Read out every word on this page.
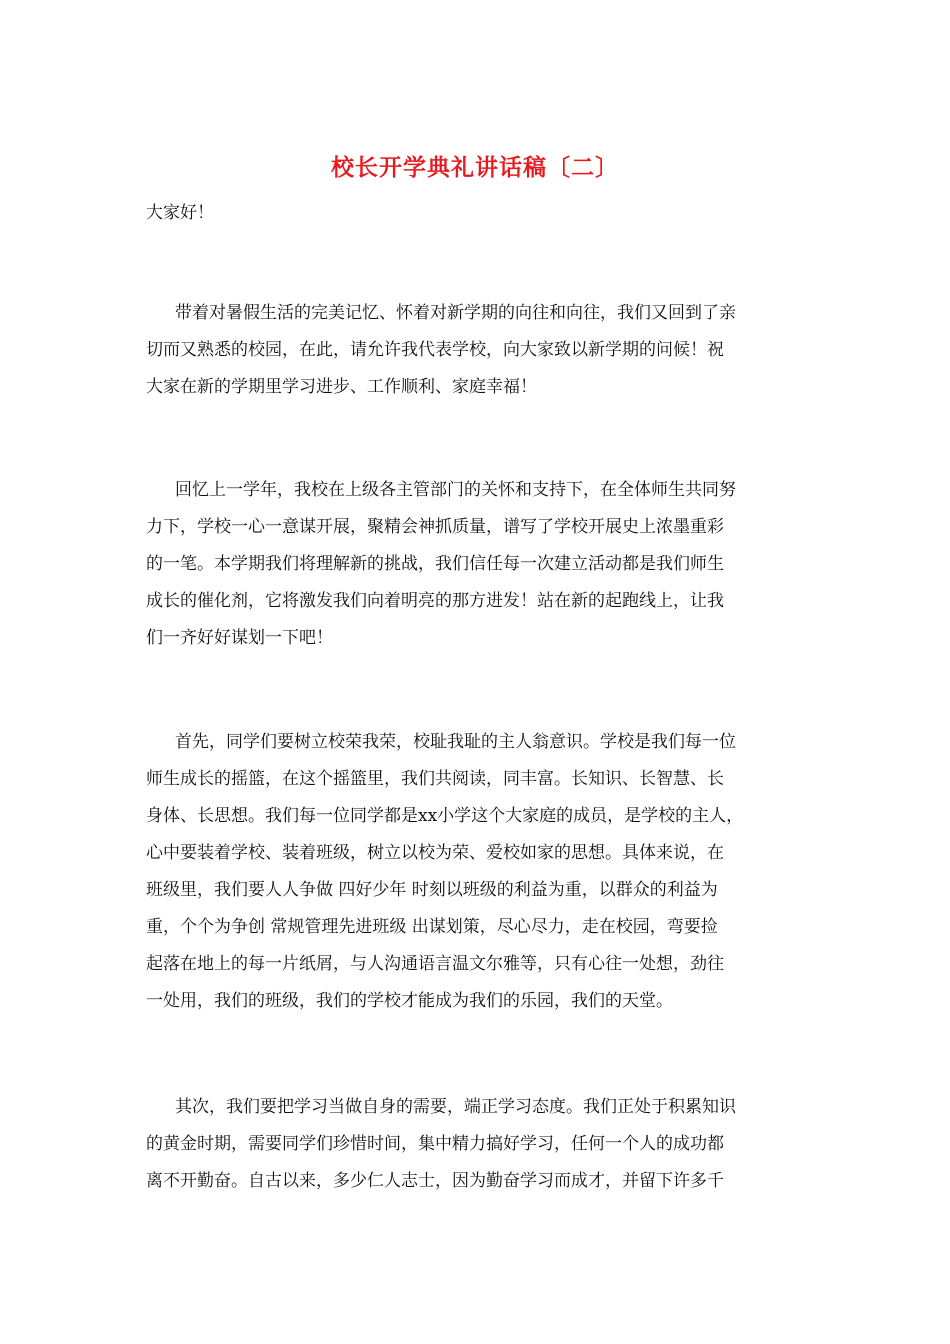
校长开学典礼讲话稿〔二〕
大家好！

带着对暑假生活的完美记忆、怀着对新学期的向往和向往，我们又回到了亲
切而又熟悉的校园，在此，请允许我代表学校，向大家致以新学期的问候！祝
大家在新的学期里学习进步、工作顺利、家庭幸福！

回忆上一学年，我校在上级各主管部门的关怀和支持下，在全体师生共同努
力下，学校一心一意谋开展，聚精会神抓质量，谱写了学校开展史上浓墨重彩
的一笔。本学期我们将理解新的挑战，我们信任每一次建立活动都是我们师生
成长的催化剂，它将激发我们向着明亮的那方进发！站在新的起跑线上，让我
们一齐好好谋划一下吧！

首先，同学们要树立校荣我荣，校耻我耻的主人翁意识。学校是我们每一位
师生成长的摇篮，在这个摇篮里，我们共阅读，同丰富。长知识、长智慧、长
身体、长思想。我们每一位同学都是xx小学这个大家庭的成员，是学校的主人，
心中要装着学校、装着班级，树立以校为荣、爱校如家的思想。具体来说，在
班级里，我们要人人争做 四好少年 时刻以班级的利益为重，以群众的利益为
重，个个为争创 常规管理先进班级 出谋划策，尽心尽力，走在校园，弯要捡
起落在地上的每一片纸屑，与人沟通语言温文尔雅等，只有心往一处想，劲往
一处用，我们的班级，我们的学校才能成为我们的乐园，我们的天堂。

其次，我们要把学习当做自身的需要，端正学习态度。我们正处于积累知识
的黄金时期，需要同学们珍惜时间，集中精力搞好学习，任何一个人的成功都
离不开勤奋。自古以来，多少仁人志士，因为勤奋学习而成才，并留下许多千
